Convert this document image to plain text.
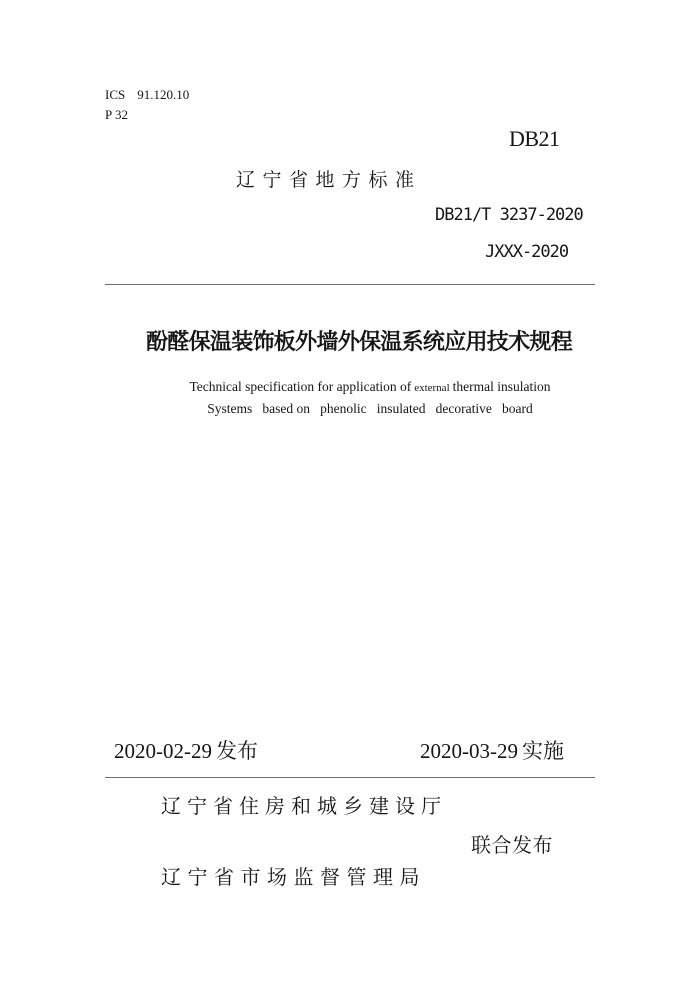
ICS 91.120.10
P 32
DB21
辽宁省地方标准
DB21/T 3237-2020
JXXX-2020
酚醛保温装饰板外墙外保温系统应用技术规程
Technical specification for application of external thermal insulation
Systems   based on   phenolic   insulated   decorative   board
2020-02-29 发布	2020-03-29 实施
辽宁省住房和城乡建设厅
联合发布
辽宁省市场监督管理局
